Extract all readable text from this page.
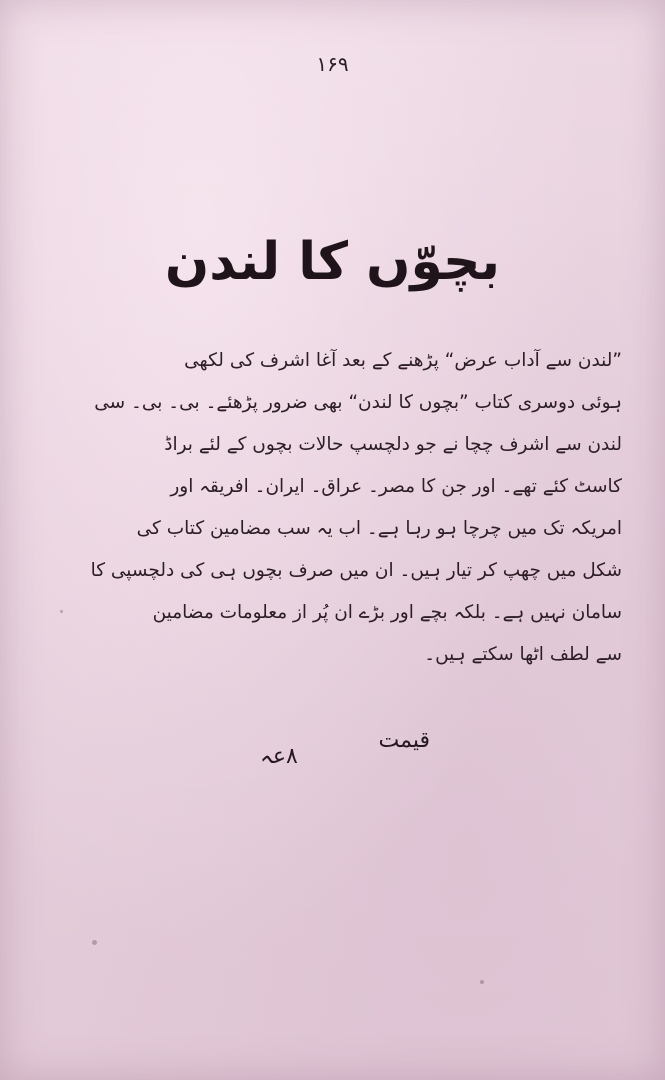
۱۶۹
بچوّں کا لندن
”لندن سے آداب عرض“ پڑھنے کے بعد آغا اشرف کی لکھی
ہوئی دوسری کتاب ”بچوں کا لندن“ بھی ضرور پڑھئے۔ بی۔ بی۔ سی
لندن سے اشرف چچا نے جو دلچسپ حالات بچوں کے لئے براڈ
کاسٹ کئے تھے۔ اور جن کا مصر۔ عراق۔ ایران۔ افریقہ اور
امریکہ تک میں چرچا ہو رہا ہے۔ اب یہ سب مضامین کتاب کی
شکل میں چھپ کر تیار ہیں۔ ان میں صرف بچوں ہی کی دلچسپی کا
سامان نہیں ہے۔ بلکہ بچے اور بڑے ان پُر از معلومات مضامین
سے لطف اٹھا سکتے ہیں۔
قیمت
۸عہ
